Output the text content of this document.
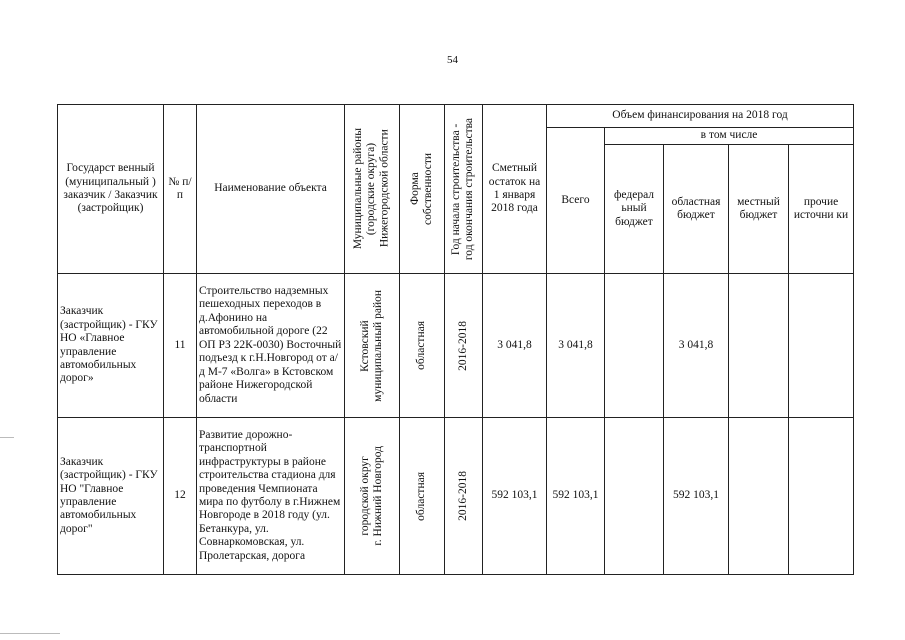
54
Государст венный (муниципальный ) заказчик / Заказчик (застройщик)	№ п/п	Наименование объекта	Муниципальные районы
(городские округа)
Нижегородской области	Форма
собственности	Год начала строительства -
год окончания строительства	Сметный остаток на 1 января 2018 года	Объем финансирования на 2018 год				
							Всего	в том числе			
								федерал ьный бюджет	областная бюджет	местный бюджет	прочие источни ки
Заказчик (застройщик) - ГКУ НО «Главное управление автомобильных дорог»	11	Строительство надземных пешеходных переходов в д.Афонино на автомобильной дороге (22 ОП РЗ 22К-0030) Восточный подъезд к г.Н.Новгород от а/д М-7 «Волга» в Кстовском районе Нижегородской области	Кстовский
муниципальный район	областная	2016-2018	3 041,8	3 041,8		3 041,8		
Заказчик (застройщик) - ГКУ НО "Главное управление автомобильных дорог"	12	Развитие дорожно-транспортной инфраструктуры в районе строительства стадиона для проведения Чемпионата мира по футболу в г.Нижнем Новгороде в 2018 году (ул. Бетанкура, ул. Совнаркомовская, ул. Пролетарская, дорога	городской округ
г. Нижний Новгород	областная	2016-2018	592 103,1	592 103,1		592 103,1		
